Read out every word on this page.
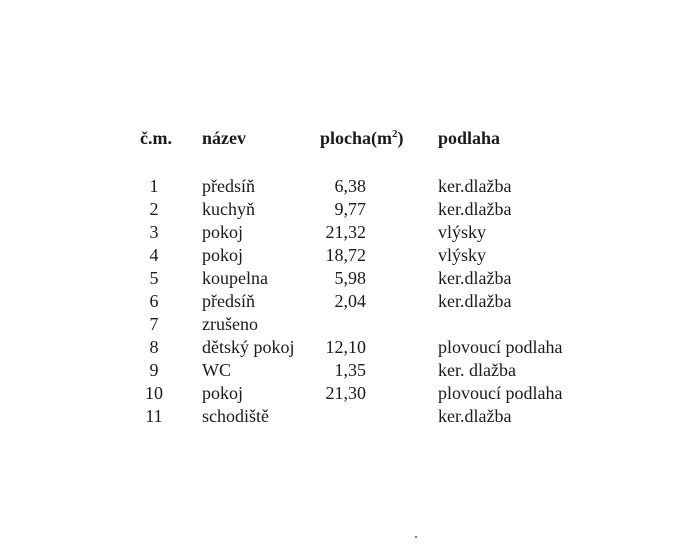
č.m.	název	$plocha(m^2)$	podlaha

1	předsíň	6,38	ker.dlažba
2	kuchyň	9,77	ker.dlažba
3	pokoj	21,32	vlýsky
4	pokoj	18,72	vlýsky
5	koupelna	5,98	ker.dlažba
6	předsíň	2,04	ker.dlažba
7	zrušeno		
8	dětský pokoj	12,10	plovoucí podlaha
9	WC	1,35	ker. dlažba
10	pokoj	21,30	plovoucí podlaha
11	schodiště		ker.dlažba
